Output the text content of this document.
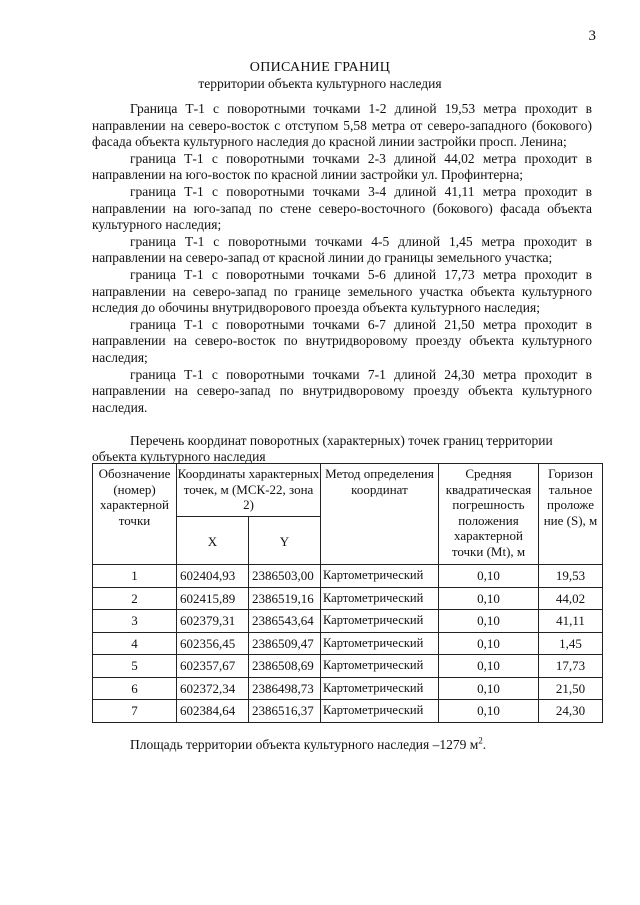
3
ОПИСАНИЕ ГРАНИЦ
территории объекта культурного наследия

Граница Т-1 с поворотными точками 1-2 длиной 19,53 метра проходит в направлении на северо-восток с отступом 5,58 метра от северо-западного (бокового) фасада объекта культурного наследия до красной линии застройки просп. Ленина;

граница Т-1 с поворотными точками 2-3 длиной 44,02 метра проходит в направлении на юго-восток по красной линии застройки ул. Профинтерна;

граница Т-1 с поворотными точками 3-4 длиной 41,11 метра проходит в направлении на юго-запад по стене северо-восточного (бокового) фасада объекта культурного наследия;

граница Т-1 с поворотными точками 4-5 длиной 1,45 метра проходит в направлении на северо-запад от красной линии до границы земельного участка;

граница Т-1 с поворотными точками 5-6 длиной 17,73 метра проходит в направлении на северо-запад по границе земельного участка объекта культурного нследия до обочины внутридворового проезда объекта культурного наследия;

граница Т-1 с поворотными точками 6-7 длиной 21,50 метра проходит в направлении на северо-восток по внутридворовому проезду объекта культурного наследия;

граница Т-1 с поворотными точками 7-1 длиной 24,30 метра проходит в направлении на северо-запад по внутридворовому проезду объекта культурного наследия.

Перечень координат поворотных (характерных) точек границ территории
объекта культурного наследия
Обозначение (номер) характерной точки	Координаты характерных точек, м (МСК-22, зона 2)		Метод определения координат	Средняя квадратическая погрешность положения характерной точки (Mt), м	Горизон тальное проложе ние (S), м
	X	Y			
1	602404,93	2386503,00	Картометрический	0,10	19,53
2	602415,89	2386519,16	Картометрический	0,10	44,02
3	602379,31	2386543,64	Картометрический	0,10	41,11
4	602356,45	2386509,47	Картометрический	0,10	1,45
5	602357,67	2386508,69	Картометрический	0,10	17,73
6	602372,34	2386498,73	Картометрический	0,10	21,50
7	602384,64	2386516,37	Картометрический	0,10	24,30
Площадь территории объекта культурного наследия –1279 $м^2$.
